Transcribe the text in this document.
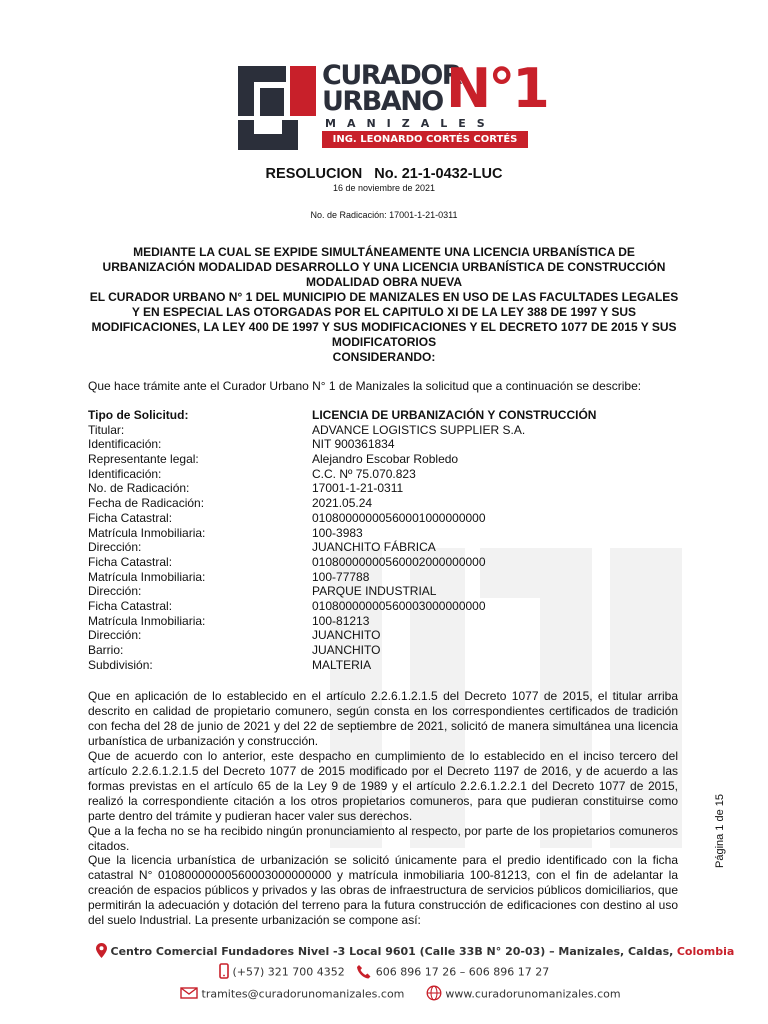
CURADOR
URBANO N°1
MANIZALES
ING. LEONARDO CORTÉS CORTÉS
RESOLUCION   No. 21-1-0432-LUC
16 de noviembre de 2021
No. de Radicación: 17001-1-21-0311
MEDIANTE LA CUAL SE EXPIDE SIMULTÁNEAMENTE UNA LICENCIA URBANÍSTICA DE URBANIZACIÓN MODALIDAD DESARROLLO Y UNA LICENCIA URBANÍSTICA DE CONSTRUCCIÓN MODALIDAD OBRA NUEVA
EL CURADOR URBANO N° 1 DEL MUNICIPIO DE MANIZALES EN USO DE LAS FACULTADES LEGALES Y EN ESPECIAL LAS OTORGADAS POR EL CAPITULO XI DE LA LEY 388 DE 1997 Y SUS MODIFICACIONES, LA LEY 400 DE 1997 Y SUS MODIFICACIONES Y EL DECRETO 1077 DE 2015 Y SUS MODIFICATORIOS
CONSIDERANDO:
Que hace trámite ante el Curador Urbano N° 1 de Manizales la solicitud que a continuación se describe:
Tipo de Solicitud:	LICENCIA DE URBANIZACIÓN Y CONSTRUCCIÓN
Titular:	ADVANCE LOGISTICS SUPPLIER S.A.
Identificación:	NIT 900361834
Representante legal:	Alejandro Escobar Robledo
Identificación:	C.C. Nº 75.070.823
No. de Radicación:	17001-1-21-0311
Fecha de Radicación:	2021.05.24
Ficha Catastral:	01080000000560001000000000
Matrícula Inmobiliaria:	100-3983
Dirección:	JUANCHITO FÁBRICA
Ficha Catastral:	01080000000560002000000000
Matrícula Inmobiliaria:	100-77788
Dirección:	PARQUE INDUSTRIAL
Ficha Catastral:	01080000000560003000000000
Matrícula Inmobiliaria:	100-81213
Dirección:	JUANCHITO
Barrio:	JUANCHITO
Subdivisión:	MALTERIA
Que en aplicación de lo establecido en el artículo 2.2.6.1.2.1.5 del Decreto 1077 de 2015, el titular arriba descrito en calidad de propietario comunero, según consta en los correspondientes certificados de tradición con fecha del 28 de junio de 2021 y del 22 de septiembre de 2021, solicitó de manera simultánea una licencia urbanística de urbanización y construcción.
Que de acuerdo con lo anterior, este despacho en cumplimiento de lo establecido en el inciso tercero del artículo 2.2.6.1.2.1.5 del Decreto 1077 de 2015 modificado por el Decreto 1197 de 2016, y de acuerdo a las formas previstas en el artículo 65 de la Ley 9 de 1989 y el artículo 2.2.6.1.2.2.1 del Decreto 1077 de 2015, realizó la correspondiente citación a los otros propietarios comuneros, para que pudieran constituirse como parte dentro del trámite y pudieran hacer valer sus derechos.
Que a la fecha no se ha recibido ningún pronunciamiento al respecto, por parte de los propietarios comuneros citados.
Que la licencia urbanística de urbanización se solicitó únicamente para el predio identificado con la ficha catastral N° 01080000000560003000000000 y matrícula inmobiliaria 100-81213, con el fin de adelantar la creación de espacios públicos y privados y las obras de infraestructura de servicios públicos domiciliarios, que permitirán la adecuación y dotación del terreno para la futura construcción de edificaciones con destino al uso del suelo Industrial. La presente urbanización se compone así:
Página 1 de 15
Centro Comercial Fundadores Nivel -3 Local 9601 (Calle 33B N° 20-03) – Manizales, Caldas, Colombia
(+57) 321 700 4352	606 896 17 26 – 606 896 17 27
tramites@curadorunomanizales.com	www.curadorunomanizales.com
